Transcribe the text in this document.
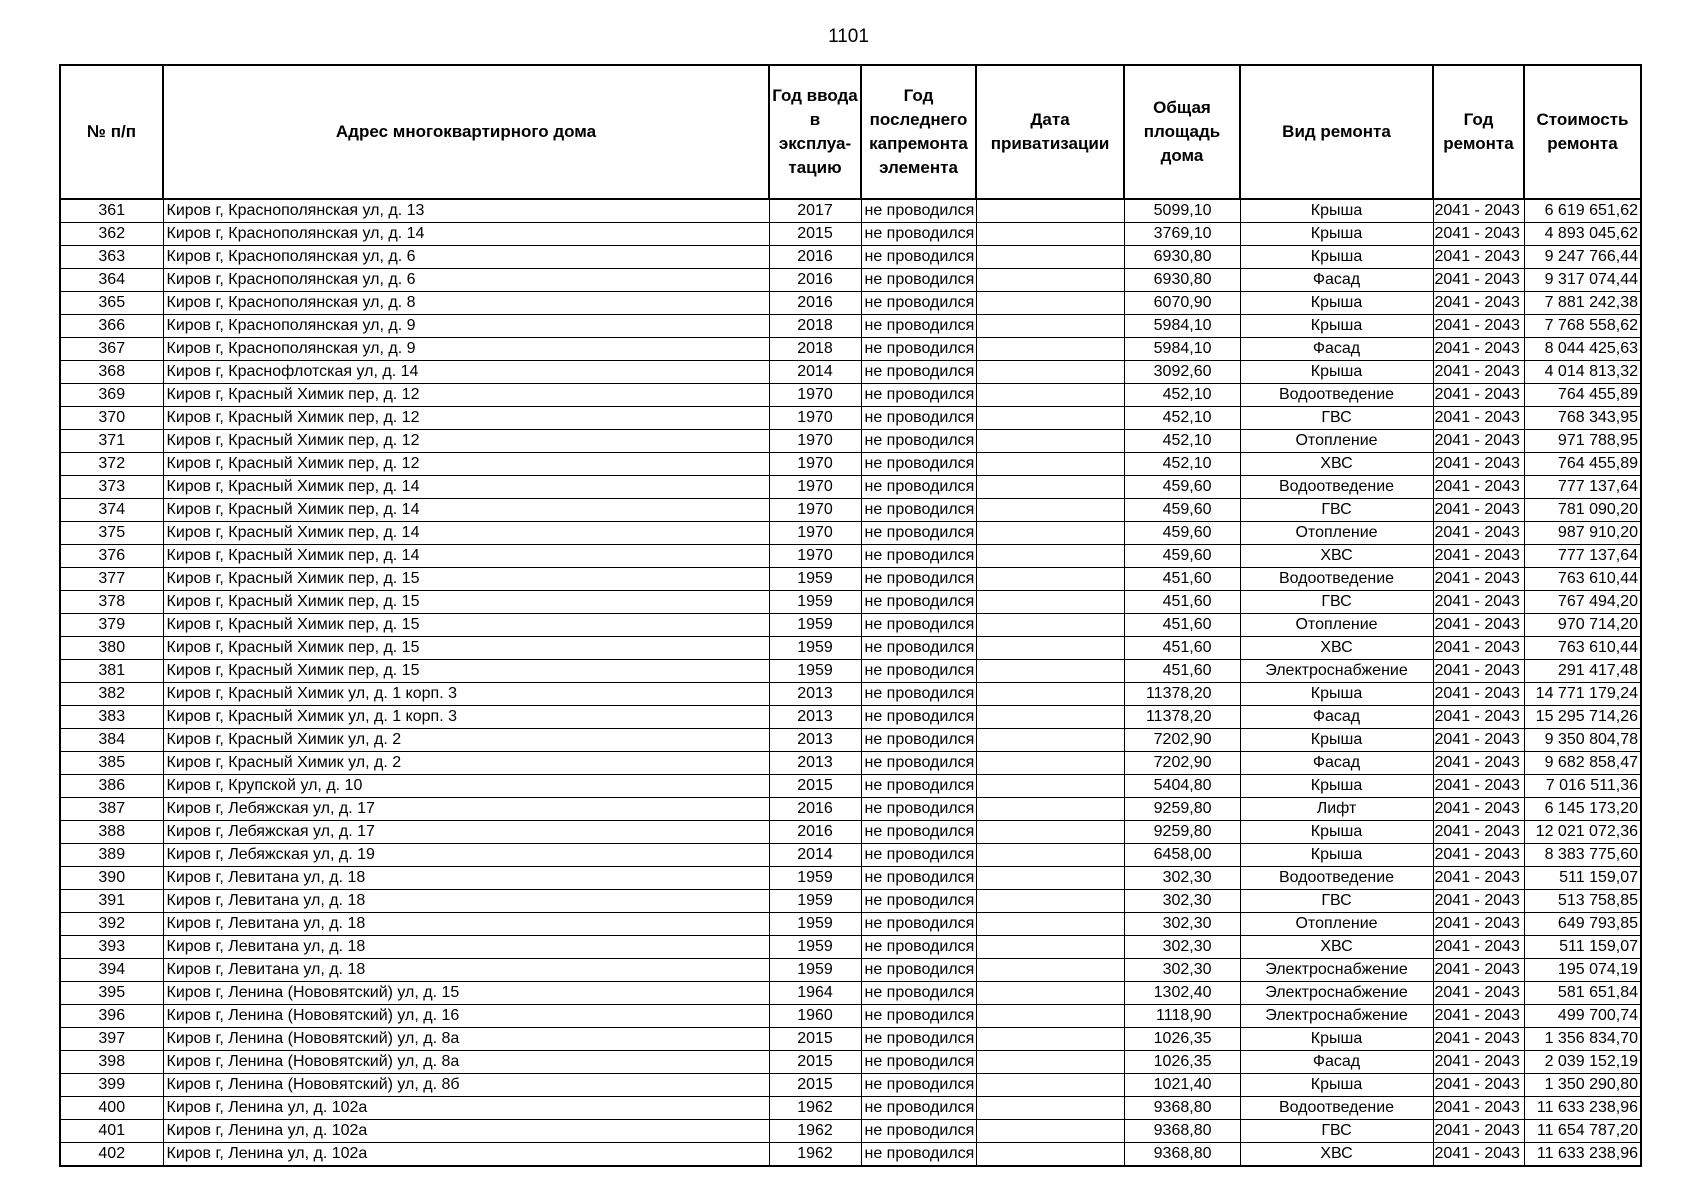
1101
№ п/п	Адрес многоквартирного дома	Год ввода в эксплуа-тацию	Год последнего капремонта элемента	Дата приватизации	Общая площадь дома	Вид ремонта	Год ремонта	Стоимость ремонта
361	Киров г, Краснополянская ул, д. 13	2017	не проводился		5099,10	Крыша	2041 - 2043	6 619 651,62
362	Киров г, Краснополянская ул, д. 14	2015	не проводился		3769,10	Крыша	2041 - 2043	4 893 045,62
363	Киров г, Краснополянская ул, д. 6	2016	не проводился		6930,80	Крыша	2041 - 2043	9 247 766,44
364	Киров г, Краснополянская ул, д. 6	2016	не проводился		6930,80	Фасад	2041 - 2043	9 317 074,44
365	Киров г, Краснополянская ул, д. 8	2016	не проводился		6070,90	Крыша	2041 - 2043	7 881 242,38
366	Киров г, Краснополянская ул, д. 9	2018	не проводился		5984,10	Крыша	2041 - 2043	7 768 558,62
367	Киров г, Краснополянская ул, д. 9	2018	не проводился		5984,10	Фасад	2041 - 2043	8 044 425,63
368	Киров г, Краснофлотская ул, д. 14	2014	не проводился		3092,60	Крыша	2041 - 2043	4 014 813,32
369	Киров г, Красный Химик пер, д. 12	1970	не проводился		452,10	Водоотведение	2041 - 2043	764 455,89
370	Киров г, Красный Химик пер, д. 12	1970	не проводился		452,10	ГВС	2041 - 2043	768 343,95
371	Киров г, Красный Химик пер, д. 12	1970	не проводился		452,10	Отопление	2041 - 2043	971 788,95
372	Киров г, Красный Химик пер, д. 12	1970	не проводился		452,10	ХВС	2041 - 2043	764 455,89
373	Киров г, Красный Химик пер, д. 14	1970	не проводился		459,60	Водоотведение	2041 - 2043	777 137,64
374	Киров г, Красный Химик пер, д. 14	1970	не проводился		459,60	ГВС	2041 - 2043	781 090,20
375	Киров г, Красный Химик пер, д. 14	1970	не проводился		459,60	Отопление	2041 - 2043	987 910,20
376	Киров г, Красный Химик пер, д. 14	1970	не проводился		459,60	ХВС	2041 - 2043	777 137,64
377	Киров г, Красный Химик пер, д. 15	1959	не проводился		451,60	Водоотведение	2041 - 2043	763 610,44
378	Киров г, Красный Химик пер, д. 15	1959	не проводился		451,60	ГВС	2041 - 2043	767 494,20
379	Киров г, Красный Химик пер, д. 15	1959	не проводился		451,60	Отопление	2041 - 2043	970 714,20
380	Киров г, Красный Химик пер, д. 15	1959	не проводился		451,60	ХВС	2041 - 2043	763 610,44
381	Киров г, Красный Химик пер, д. 15	1959	не проводился		451,60	Электроснабжение	2041 - 2043	291 417,48
382	Киров г, Красный Химик ул, д. 1 корп. 3	2013	не проводился		11378,20	Крыша	2041 - 2043	14 771 179,24
383	Киров г, Красный Химик ул, д. 1 корп. 3	2013	не проводился		11378,20	Фасад	2041 - 2043	15 295 714,26
384	Киров г, Красный Химик ул, д. 2	2013	не проводился		7202,90	Крыша	2041 - 2043	9 350 804,78
385	Киров г, Красный Химик ул, д. 2	2013	не проводился		7202,90	Фасад	2041 - 2043	9 682 858,47
386	Киров г, Крупской ул, д. 10	2015	не проводился		5404,80	Крыша	2041 - 2043	7 016 511,36
387	Киров г, Лебяжская ул, д. 17	2016	не проводился		9259,80	Лифт	2041 - 2043	6 145 173,20
388	Киров г, Лебяжская ул, д. 17	2016	не проводился		9259,80	Крыша	2041 - 2043	12 021 072,36
389	Киров г, Лебяжская ул, д. 19	2014	не проводился		6458,00	Крыша	2041 - 2043	8 383 775,60
390	Киров г, Левитана ул, д. 18	1959	не проводился		302,30	Водоотведение	2041 - 2043	511 159,07
391	Киров г, Левитана ул, д. 18	1959	не проводился		302,30	ГВС	2041 - 2043	513 758,85
392	Киров г, Левитана ул, д. 18	1959	не проводился		302,30	Отопление	2041 - 2043	649 793,85
393	Киров г, Левитана ул, д. 18	1959	не проводился		302,30	ХВС	2041 - 2043	511 159,07
394	Киров г, Левитана ул, д. 18	1959	не проводился		302,30	Электроснабжение	2041 - 2043	195 074,19
395	Киров г, Ленина (Нововятский) ул, д. 15	1964	не проводился		1302,40	Электроснабжение	2041 - 2043	581 651,84
396	Киров г, Ленина (Нововятский) ул, д. 16	1960	не проводился		1118,90	Электроснабжение	2041 - 2043	499 700,74
397	Киров г, Ленина (Нововятский) ул, д. 8а	2015	не проводился		1026,35	Крыша	2041 - 2043	1 356 834,70
398	Киров г, Ленина (Нововятский) ул, д. 8а	2015	не проводился		1026,35	Фасад	2041 - 2043	2 039 152,19
399	Киров г, Ленина (Нововятский) ул, д. 8б	2015	не проводился		1021,40	Крыша	2041 - 2043	1 350 290,80
400	Киров г, Ленина ул, д. 102а	1962	не проводился		9368,80	Водоотведение	2041 - 2043	11 633 238,96
401	Киров г, Ленина ул, д. 102а	1962	не проводился		9368,80	ГВС	2041 - 2043	11 654 787,20
402	Киров г, Ленина ул, д. 102а	1962	не проводился		9368,80	ХВС	2041 - 2043	11 633 238,96
